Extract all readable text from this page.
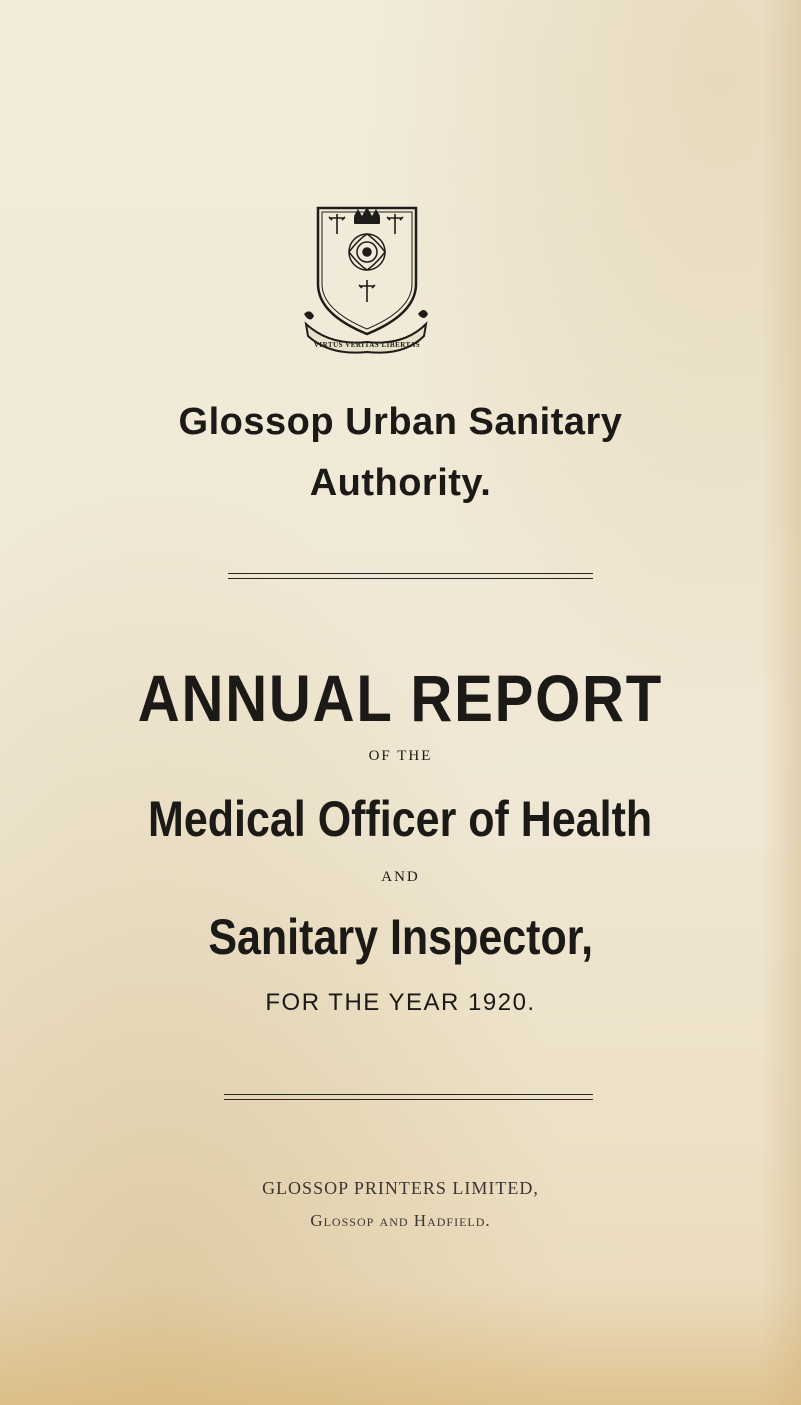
VIRTUS VERITAS LIBERTAS
Glossop Urban Sanitary
Authority.
ANNUAL REPORT
OF THE
Medical Officer of Health
AND
Sanitary Inspector,
FOR THE YEAR 1920.
GLOSSOP PRINTERS LIMITED,
Glossop and Hadfield.
